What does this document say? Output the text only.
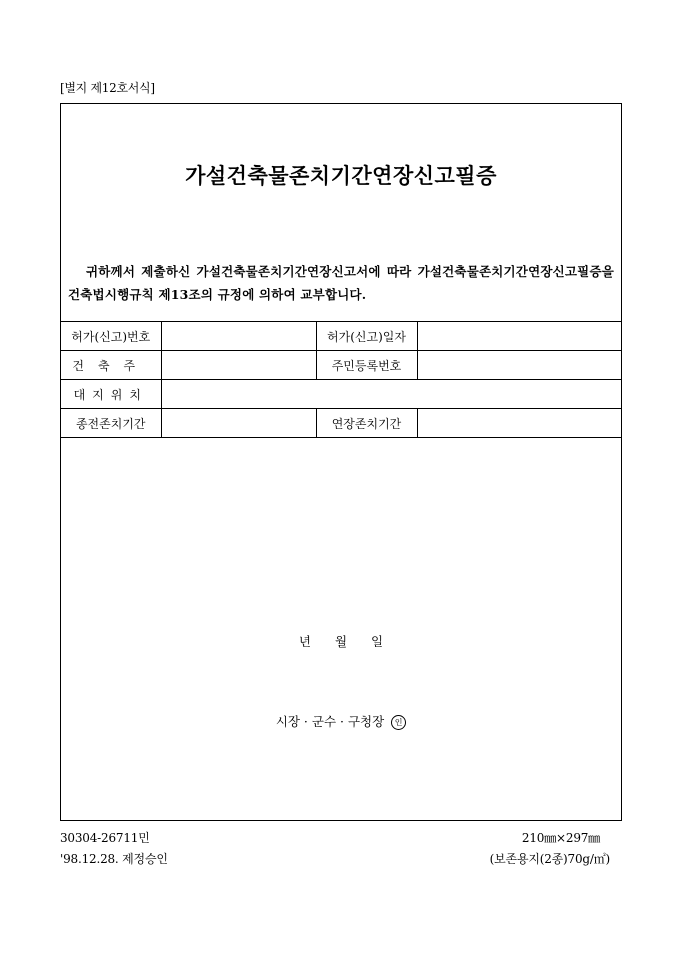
[별지 제12호서식]
가설건축물존치기간연장신고필증
귀하께서 제출하신 가설건축물존치기간연장신고서에 따라 가설건축물존치기간연장신고필증을 건축법시행규칙 제13조의 규정에 의하여 교부합니다.
허가(신고)번호		허가(신고)일자	
건축주		주민등록번호	
대지위치			
종전존치기간		연장존치기간	
년 월 일
시장 · 군수 · 구청장 인
30304-26711민
'98.12.28. 제정승인
210㎜×297㎜
(보존용지(2종)70g/㎡)
